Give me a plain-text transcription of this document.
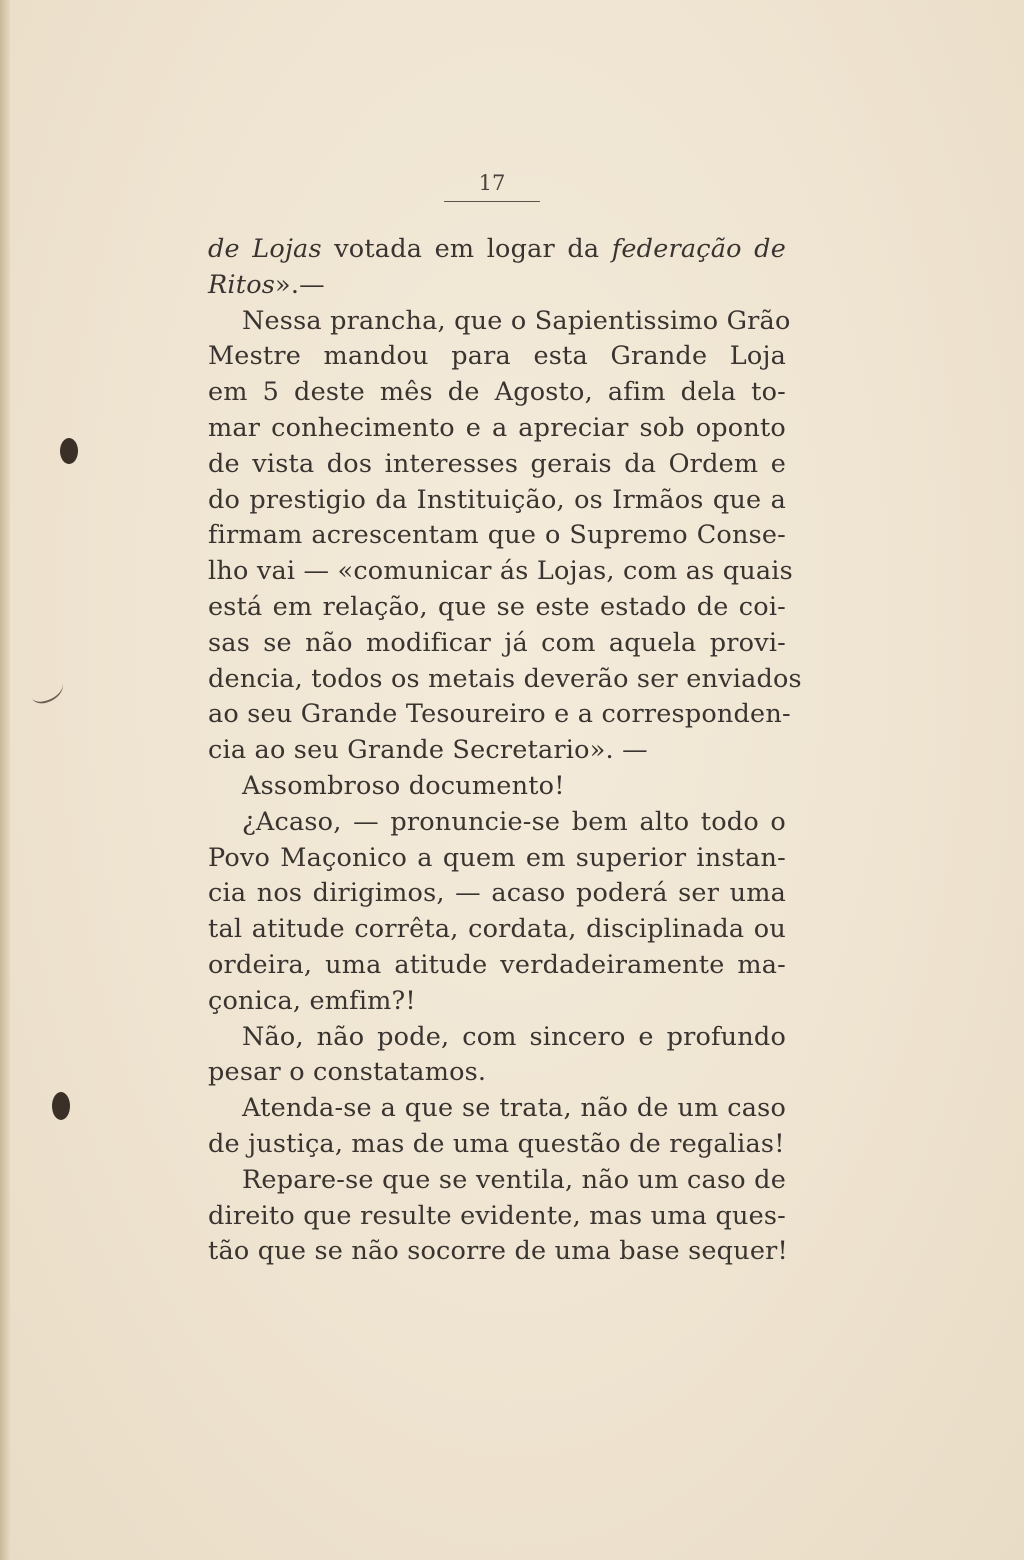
17
de Lojas votada em logar da federação de
Ritos».—
Nessa prancha, que o Sapientissimo Grão
Mestre mandou para esta Grande Loja
em 5 deste mês de Agosto, afim dela to-
mar conhecimento e a apreciar sob oponto
de vista dos interesses gerais da Ordem e
do prestigio da Instituição, os Irmãos que a
firmam acrescentam que o Supremo Conse-
lho vai — «comunicar ás Lojas, com as quais
está em relação, que se este estado de coi-
sas se não modificar já com aquela provi-
dencia, todos os metais deverão ser enviados
ao seu Grande Tesoureiro e a corresponden-
cia ao seu Grande Secretario». —
Assombroso documento!
¿Acaso, — pronuncie-se bem alto todo o
Povo Maçonico a quem em superior instan-
cia nos dirigimos, — acaso poderá ser uma
tal atitude corrêta, cordata, disciplinada ou
ordeira, uma atitude verdadeiramente ma-
çonica, emfim?!
Não, não pode, com sincero e profundo
pesar o constatamos.
Atenda-se a que se trata, não de um caso
de justiça, mas de uma questão de regalias!
Repare-se que se ventila, não um caso de
direito que resulte evidente, mas uma ques-
tão que se não socorre de uma base sequer!
